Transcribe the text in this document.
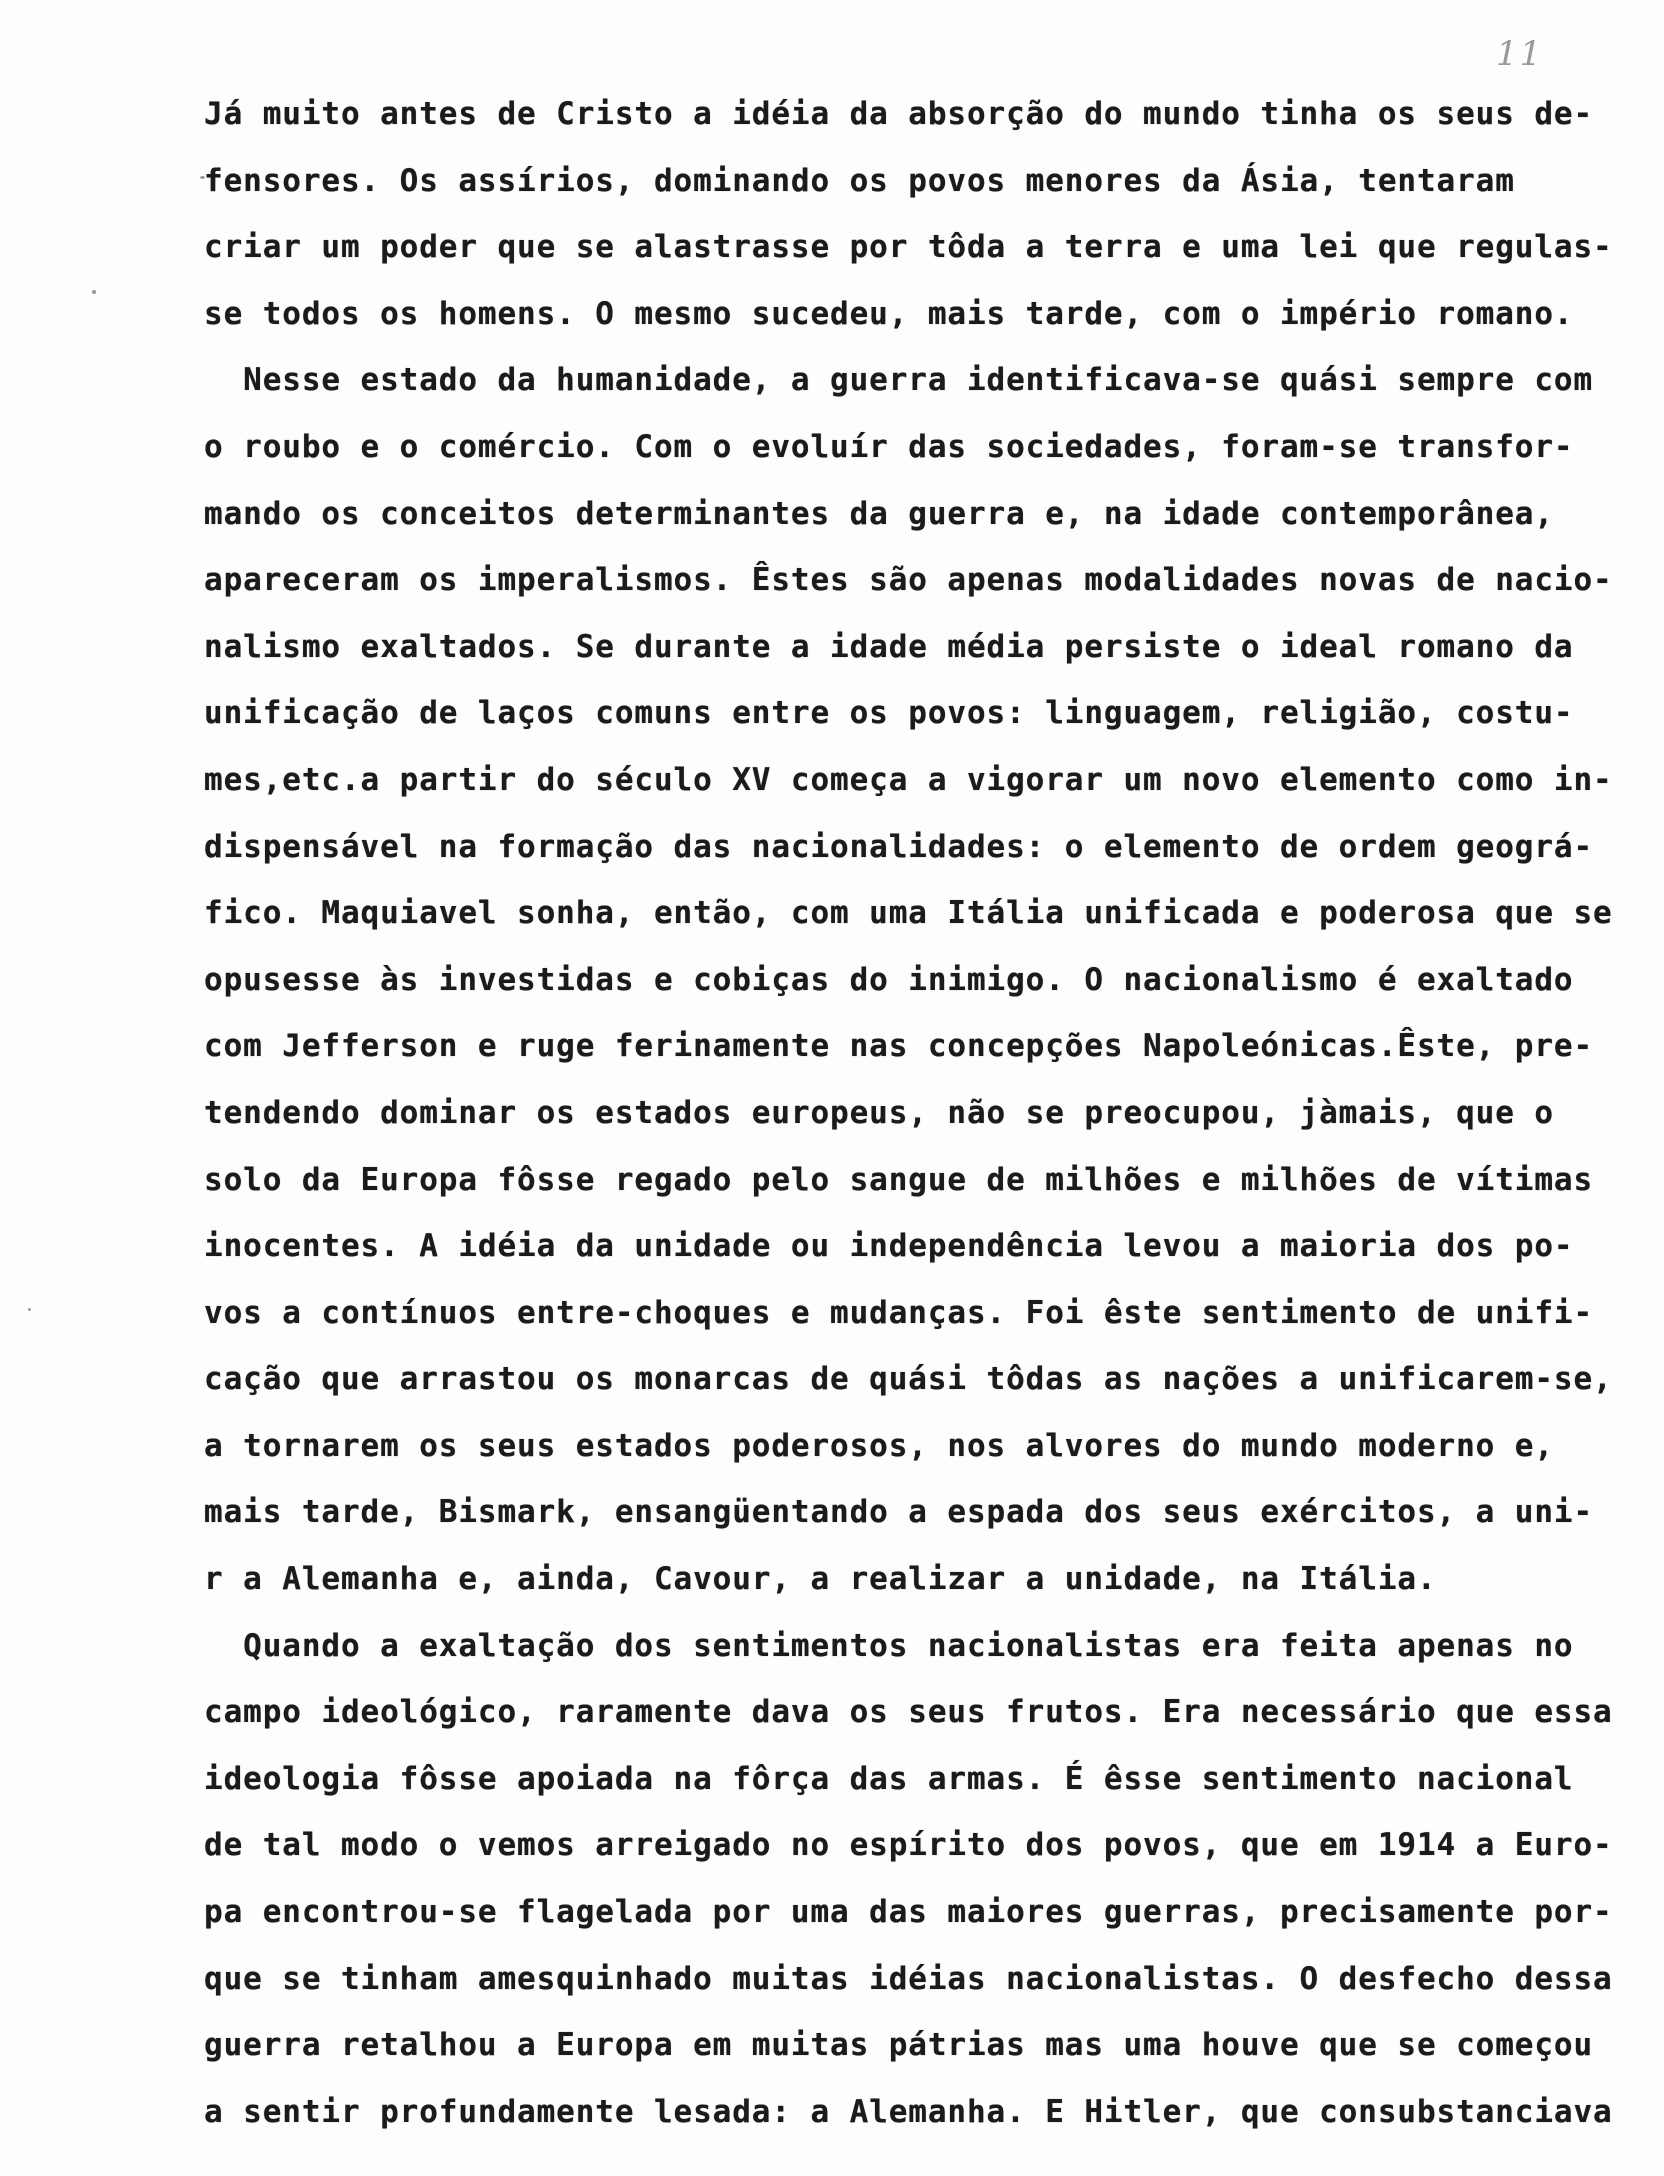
11
Já muito antes de Cristo a idéia da absorção do mundo tinha os seus de-
fensores. Os assírios, dominando os povos menores da Ásia, tentaram
criar um poder que se alastrasse por tôda a terra e uma lei que regulas-
se todos os homens. O mesmo sucedeu, mais tarde, com o império romano.
Nesse estado da humanidade, a guerra identificava-se quási sempre com
o roubo e o comércio. Com o evoluír das sociedades, foram-se transfor-
mando os conceitos determinantes da guerra e, na idade contemporânea,
apareceram os imperalismos. Êstes são apenas modalidades novas de nacio-
nalismo exaltados. Se durante a idade média persiste o ideal romano da
unificação de laços comuns entre os povos: linguagem, religião, costu-
mes,etc.a partir do século XV começa a vigorar um novo elemento como in-
dispensável na formação das nacionalidades: o elemento de ordem geográ-
fico. Maquiavel sonha, então, com uma Itália unificada e poderosa que se
opusesse às investidas e cobiças do inimigo. O nacionalismo é exaltado
com Jefferson e ruge ferinamente nas concepções Napoleónicas.Êste, pre-
tendendo dominar os estados europeus, não se preocupou, jàmais, que o
solo da Europa fôsse regado pelo sangue de milhões e milhões de vítimas
inocentes. A idéia da unidade ou independência levou a maioria dos po-
vos a contínuos entre-choques e mudanças. Foi êste sentimento de unifi-
cação que arrastou os monarcas de quási tôdas as nações a unificarem-se,
a tornarem os seus estados poderosos, nos alvores do mundo moderno e,
mais tarde, Bismark, ensangüentando a espada dos seus exércitos, a uni-
r a Alemanha e, ainda, Cavour, a realizar a unidade, na Itália.
Quando a exaltação dos sentimentos nacionalistas era feita apenas no
campo ideológico, raramente dava os seus frutos. Era necessário que essa
ideologia fôsse apoiada na fôrça das armas. É êsse sentimento nacional
de tal modo o vemos arreigado no espírito dos povos, que em 1914 a Euro-
pa encontrou-se flagelada por uma das maiores guerras, precisamente por-
que se tinham amesquinhado muitas idéias nacionalistas. O desfecho dessa
guerra retalhou a Europa em muitas pátrias mas uma houve que se começou
a sentir profundamente lesada: a Alemanha. E Hitler, que consubstanciava
